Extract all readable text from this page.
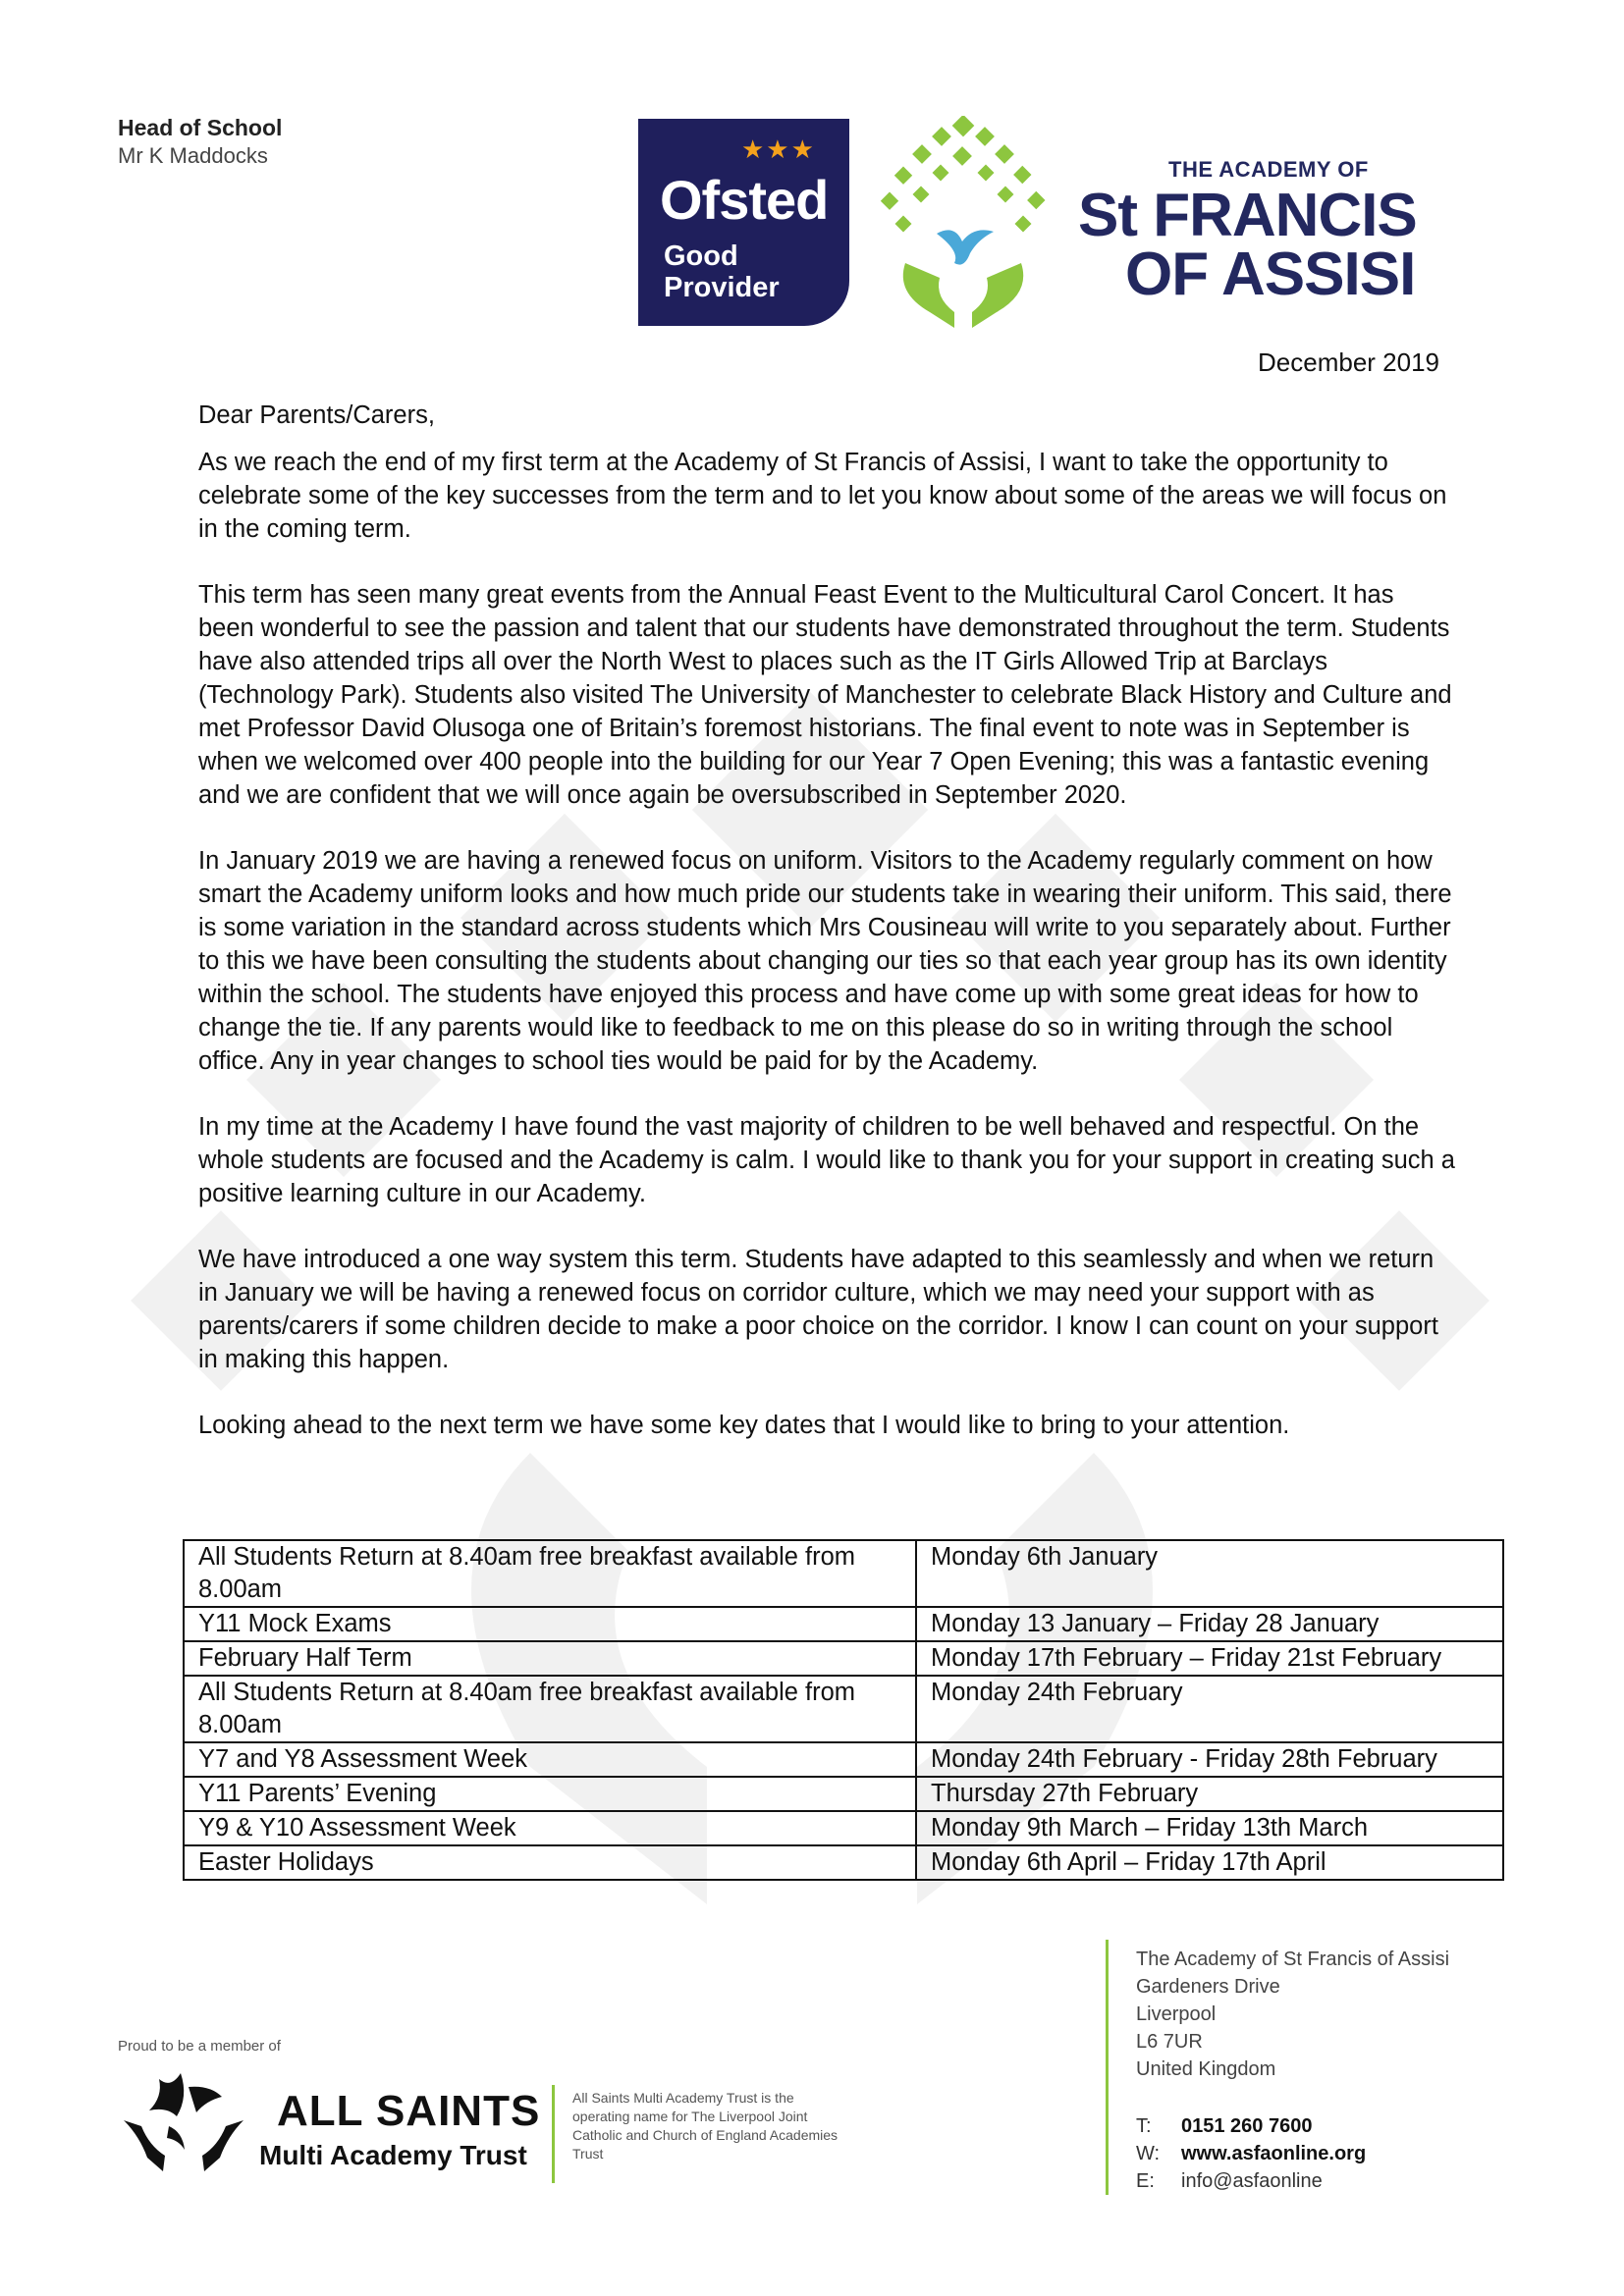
Head of School
Mr K Maddocks	★★★
Ofsted
Good
Provider
THE ACADEMY OF
St FRANCIS
OF ASSISI
December 2019

Dear Parents/Carers,

As we reach the end of my first term at the Academy of St Francis of Assisi, I want to take the opportunity to celebrate some of the key successes from the term and to let you know about some of the areas we will focus on in the coming term.

This term has seen many great events from the Annual Feast Event to the Multicultural Carol Concert. It has been wonderful to see the passion and talent that our students have demonstrated throughout the term. Students have also attended trips all over the North West to places such as the IT Girls Allowed Trip at Barclays (Technology Park). Students also visited The University of Manchester to celebrate Black History and Culture and met Professor David Olusoga one of Britain’s foremost historians. The final event to note was in September is when we welcomed over 400 people into the building for our Year 7 Open Evening; this was a fantastic evening and we are confident that we will once again be oversubscribed in September 2020.

In January 2019 we are having a renewed focus on uniform. Visitors to the Academy regularly comment on how smart the Academy uniform looks and how much pride our students take in wearing their uniform. This said, there is some variation in the standard across students which Mrs Cousineau will write to you separately about. Further to this we have been consulting the students about changing our ties so that each year group has its own identity within the school. The students have enjoyed this process and have come up with some great ideas for how to change the tie. If any parents would like to feedback to me on this please do so in writing through the school office. Any in year changes to school ties would be paid for by the Academy.

In my time at the Academy I have found the vast majority of children to be well behaved and respectful. On the whole students are focused and the Academy is calm. I would like to thank you for your support in creating such a positive learning culture in our Academy.

We have introduced a one way system this term. Students have adapted to this seamlessly and when we return in January we will be having a renewed focus on corridor culture, which we may need your support with as parents/carers if some children decide to make a poor choice on the corridor. I know I can count on your support in making this happen.

Looking ahead to the next term we have some key dates that I would like to bring to your attention.

All Students Return at 8.40am free breakfast available from 8.00am	Monday 6th January
Y11 Mock Exams	Monday 13 January – Friday 28 January
February Half Term	Monday 17th February – Friday 21st February
All Students Return at 8.40am free breakfast available from 8.00am	Monday 24th February
Y7 and Y8 Assessment Week	Monday 24th February - Friday 28th February
Y11 Parents’ Evening	Thursday 27th February
Y9 & Y10 Assessment Week	Monday 9th March – Friday 13th March
Easter Holidays	Monday 6th April – Friday 17th April
Proud to be a member of
ALL SAINTS
Multi Academy Trust
All Saints Multi Academy Trust is the operating name for The Liverpool Joint Catholic and Church of England Academies Trust
The Academy of St Francis of Assisi
Gardeners Drive
Liverpool
L6 7UR
United Kingdom
T: 0151 260 7600
W: www.asfaonline.org
E: info@asfaonline
